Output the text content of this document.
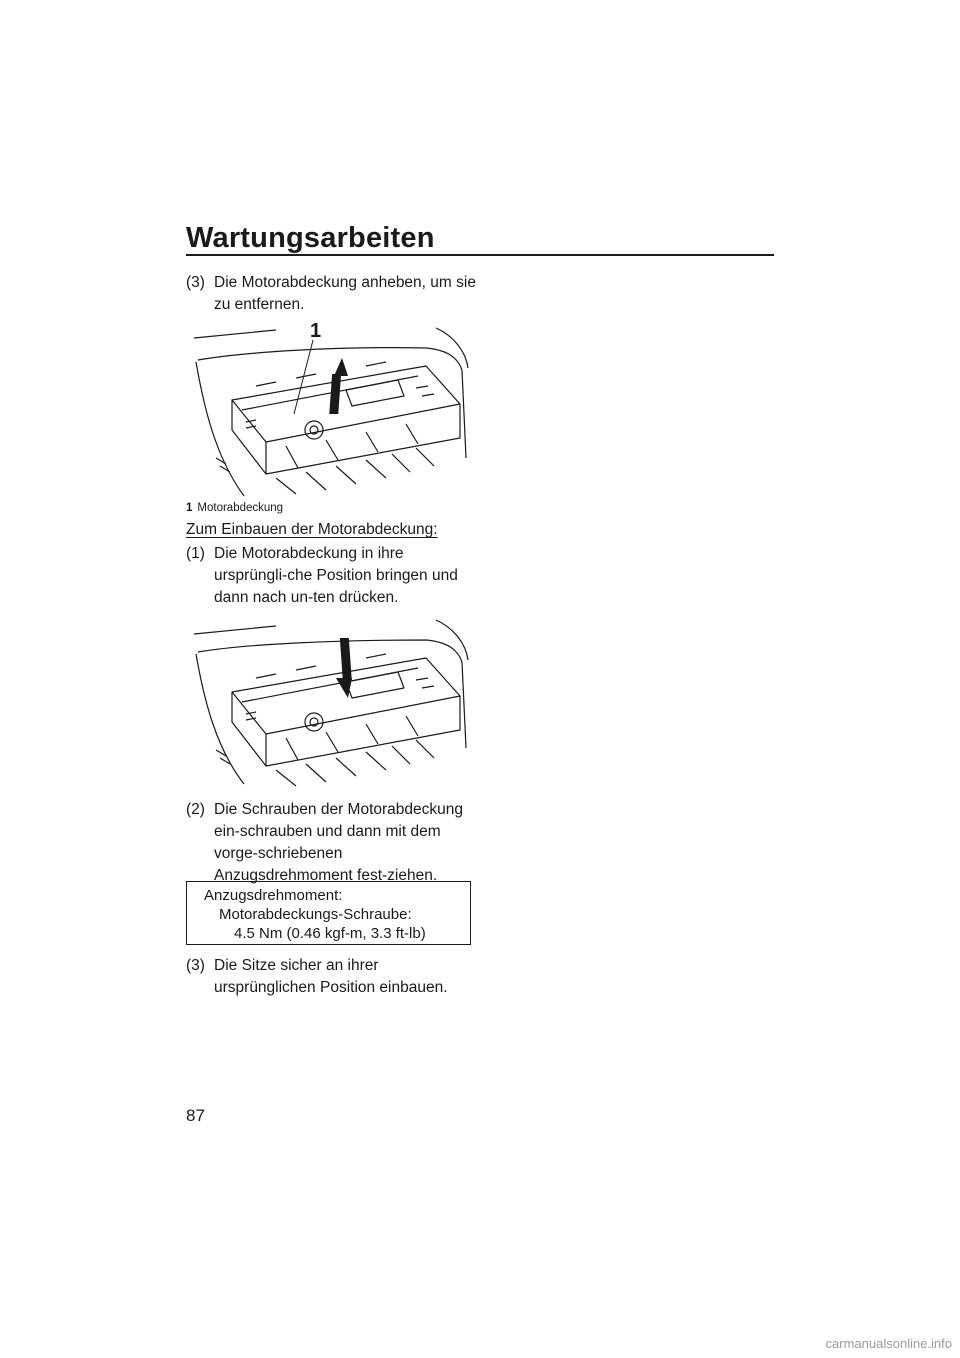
Wartungsarbeiten
(3) Die Motorabdeckung anheben, um sie zu entfernen.
1
1 Motorabdeckung
Zum Einbauen der Motorabdeckung:
(1) Die Motorabdeckung in ihre ursprüngli-che Position bringen und dann nach un-ten drücken.
(2) Die Schrauben der Motorabdeckung ein-schrauben und dann mit dem vorge-schriebenen Anzugsdrehmoment fest-ziehen.
Anzugsdrehmoment:
Motorabdeckungs-Schraube:
4.5 Nm (0.46 kgf-m, 3.3 ft-lb)
(3) Die Sitze sicher an ihrer ursprünglichen Position einbauen.
87
carmanualsonline.info
